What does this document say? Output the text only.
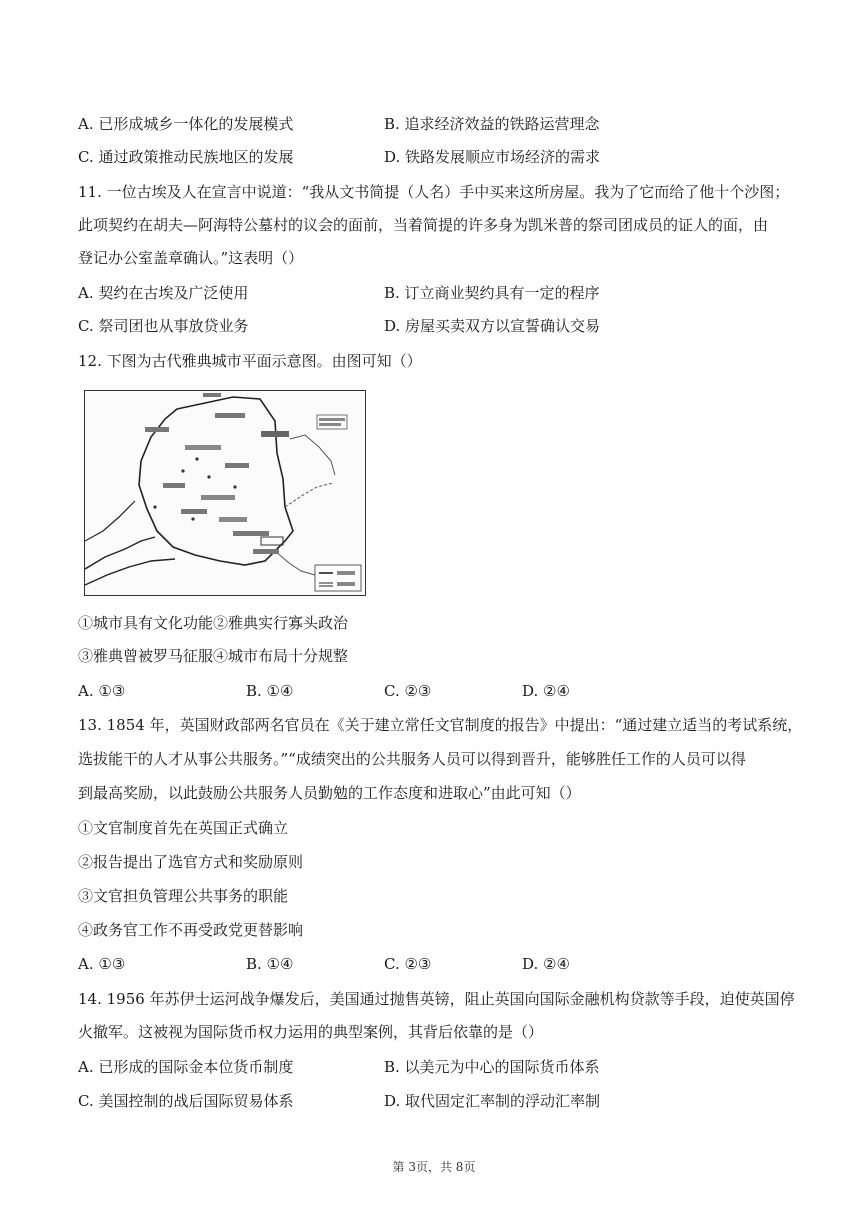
A. 已形成城乡一体化的发展模式	B. 追求经济效益的铁路运营理念
C. 通过政策推动民族地区的发展	D. 铁路发展顺应市场经济的需求
11. 一位古埃及人在宣言中说道：“我从文书简提（人名）手中买来这所房屋。我为了它而给了他十个沙图；
此项契约在胡夫—阿海特公墓村的议会的面前，当着简提的许多身为凯米普的祭司团成员的证人的面，由
登记办公室盖章确认。”这表明（）
A. 契约在古埃及广泛使用	B. 订立商业契约具有一定的程序
C. 祭司团也从事放贷业务	D. 房屋买卖双方以宣誓确认交易
12. 下图为古代雅典城市平面示意图。由图可知（）
①城市具有文化功能②雅典实行寡头政治
③雅典曾被罗马征服④城市布局十分规整
A. ①③	B. ①④	C. ②③	D. ②④
13. 1854 年，英国财政部两名官员在《关于建立常任文官制度的报告》中提出：“通过建立适当的考试系统，
选拔能干的人才从事公共服务。”“成绩突出的公共服务人员可以得到晋升，能够胜任工作的人员可以得
到最高奖励，以此鼓励公共服务人员勤勉的工作态度和进取心”由此可知（）
①文官制度首先在英国正式确立
②报告提出了选官方式和奖励原则
③文官担负管理公共事务的职能
④政务官工作不再受政党更替影响
A. ①③	B. ①④	C. ②③	D. ②④
14. 1956 年苏伊士运河战争爆发后，美国通过抛售英镑，阻止英国向国际金融机构贷款等手段，迫使英国停
火撤军。这被视为国际货币权力运用的典型案例，其背后依靠的是（）
A. 已形成的国际金本位货币制度	B. 以美元为中心的国际货币体系
C. 美国控制的战后国际贸易体系	D. 取代固定汇率制的浮动汇率制
第 3页，共 8页
